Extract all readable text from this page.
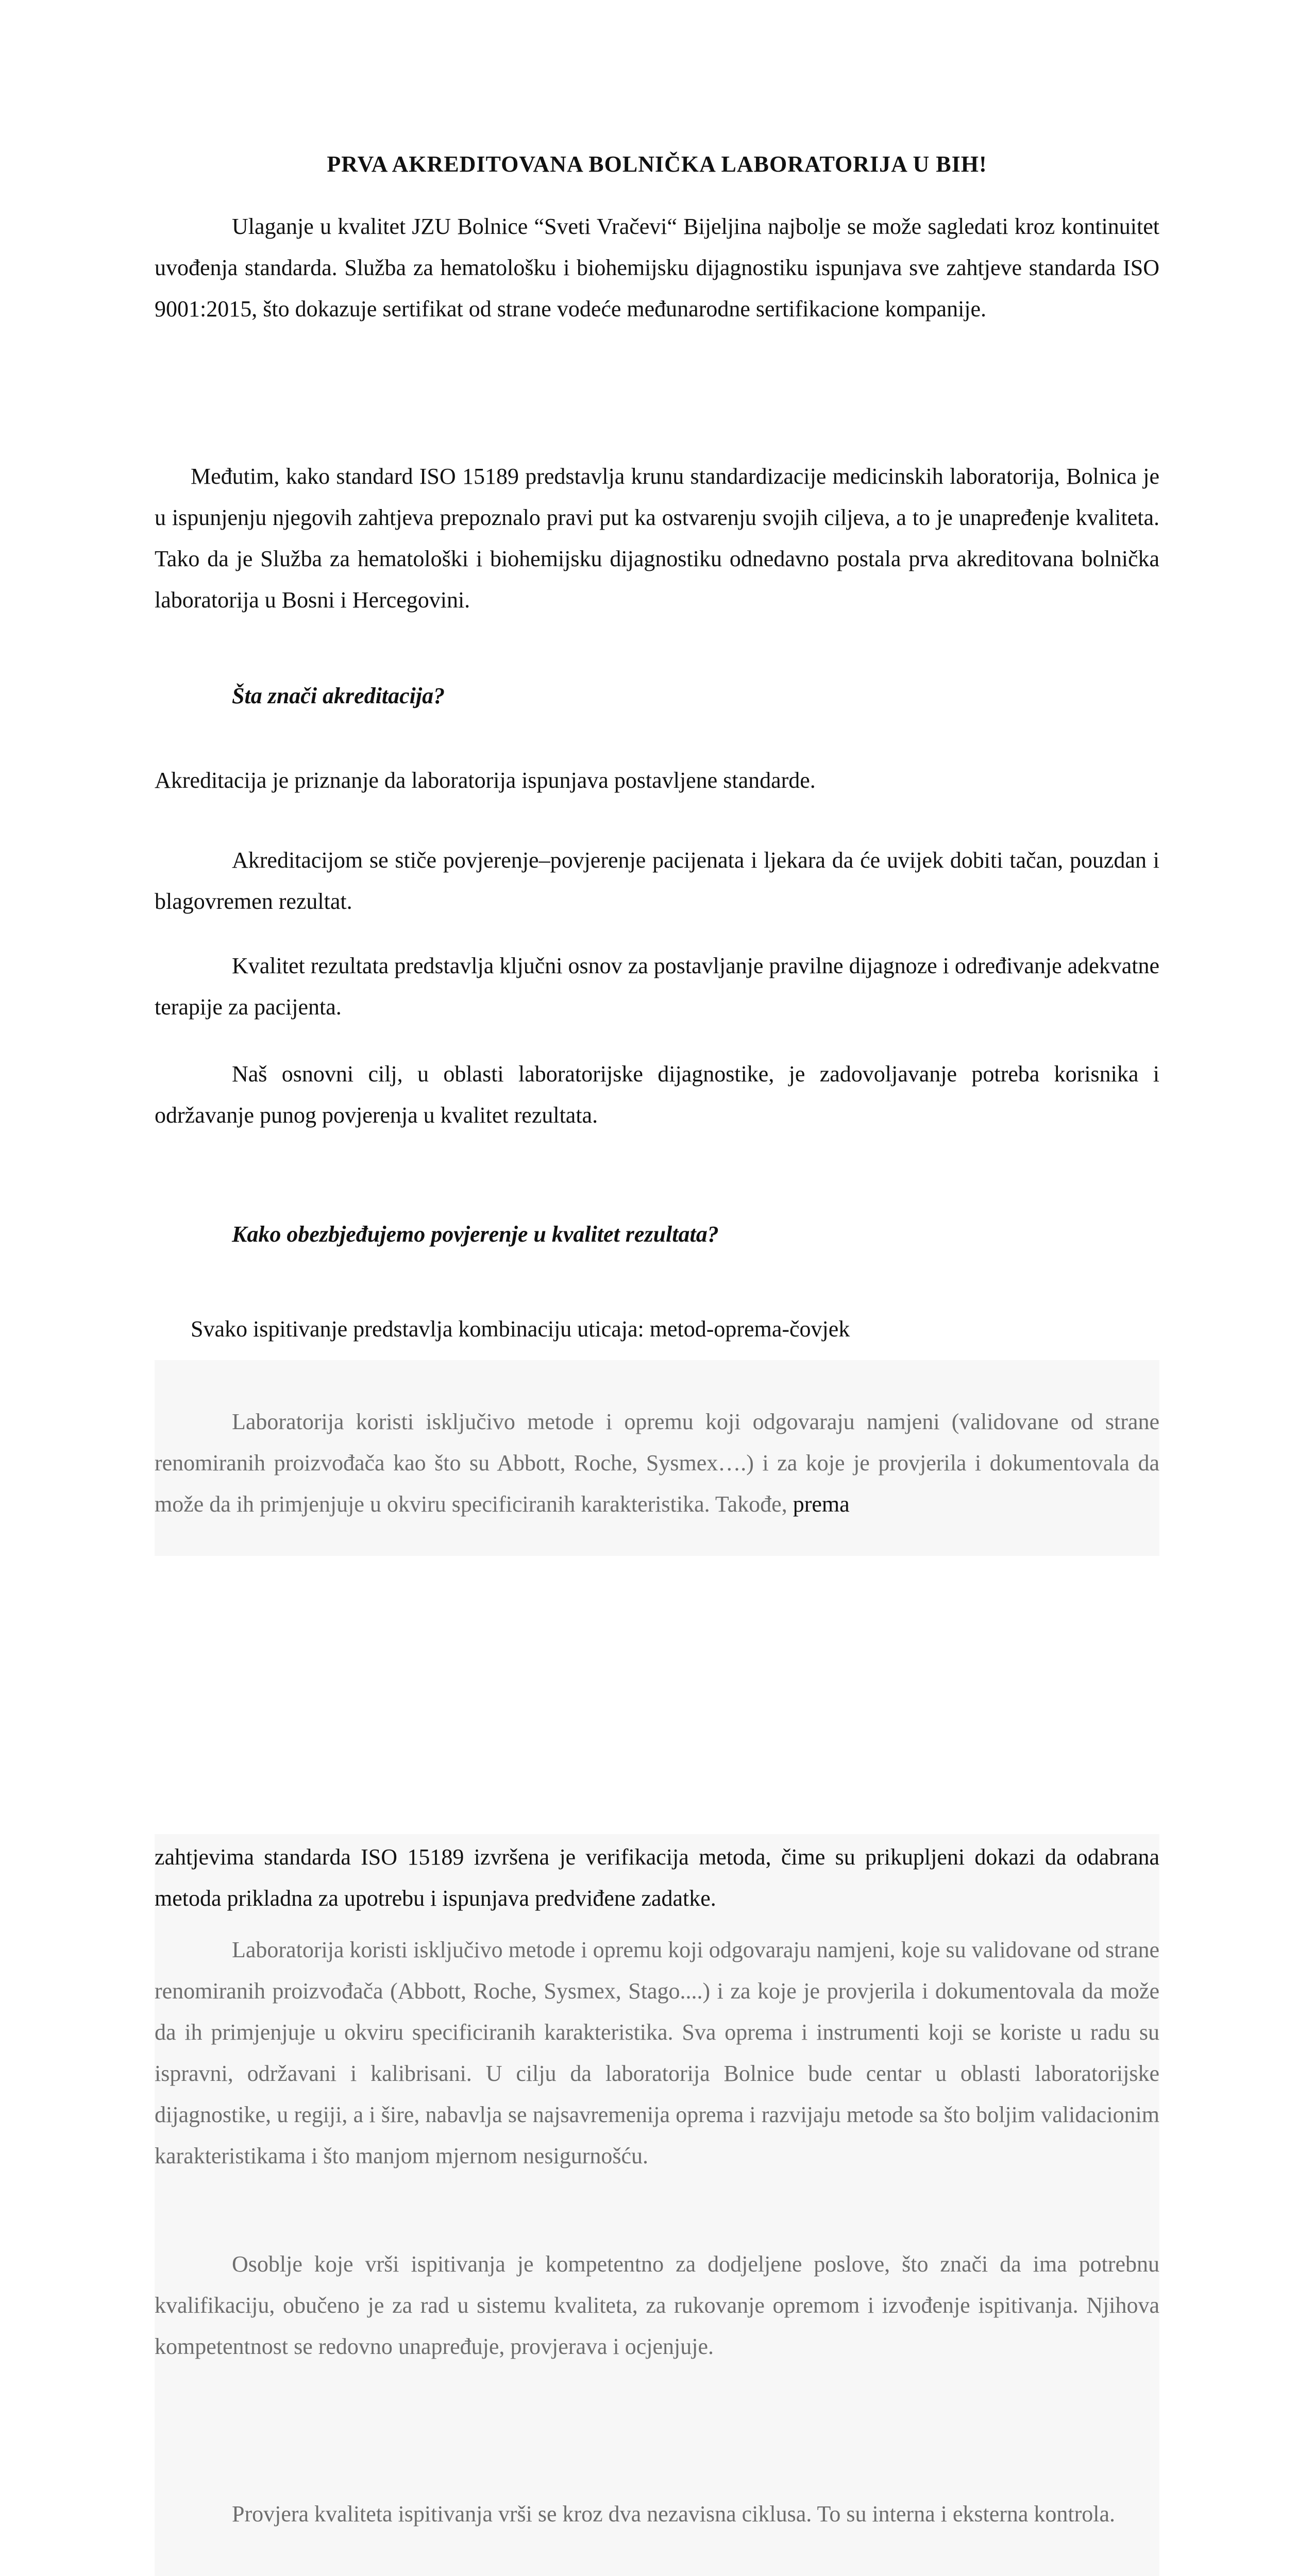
PRVA AKREDITOVANA BOLNIČKA LABORATORIJA U BIH!

Ulaganje u kvalitet JZU Bolnice “Sveti Vračevi“ Bijeljina najbolje se može sagledati kroz kontinuitet uvođenja standarda. Služba za hematološku i biohemijsku dijagnostiku ispunjava sve zahtjeve standarda ISO 9001:2015, što dokazuje sertifikat od strane vodeće međunarodne sertifikacione kompanije.

Međutim, kako standard ISO 15189 predstavlja krunu standardizacije medicinskih laboratorija, Bolnica je u ispunjenju njegovih zahtjeva prepoznalo pravi put ka ostvarenju svojih ciljeva, a to je unapređenje kvaliteta. Tako da je Služba za hematološki i biohemijsku dijagnostiku odnedavno postala prva akreditovana bolnička laboratorija u Bosni i Hercegovini.

Šta znači akreditacija?

Akreditacija je priznanje da laboratorija ispunjava postavljene standarde.

Akreditacijom se stiče povjerenje–povjerenje pacijenata i ljekara da će uvijek dobiti tačan, pouzdan i blagovremen rezultat.

Kvalitet rezultata predstavlja ključni osnov za postavljanje pravilne dijagnoze i određivanje adekvatne terapije za pacijenta.

Naš osnovni cilj, u oblasti laboratorijske dijagnostike, je zadovoljavanje potreba korisnika i održavanje punog povjerenja u kvalitet rezultata.

Kako obezbjeđujemo povjerenje u kvalitet rezultata?

Svako ispitivanje predstavlja kombinaciju uticaja: metod-oprema-čovjek

Laboratorija koristi isključivo metode i opremu koji odgovaraju namjeni (validovane od strane renomiranih proizvođača kao što su Abbott, Roche, Sysmex….) i za koje je provjerila i dokumentovala da može da ih primjenjuje u okviru specificiranih karakteristika. Takođe, prema

zahtjevima standarda ISO 15189 izvršena je verifikacija metoda, čime su prikupljeni dokazi da odabrana metoda prikladna za upotrebu i ispunjava predviđene zadatke.

Laboratorija koristi isključivo metode i opremu koji odgovaraju namjeni, koje su validovane od strane renomiranih proizvođača (Abbott, Roche, Sysmex, Stago....) i za koje je provjerila i dokumentovala da može da ih primjenjuje u okviru specificiranih karakteristika. Sva oprema i instrumenti koji se koriste u radu su ispravni, održavani i kalibrisani. U cilju da laboratorija Bolnice bude centar u oblasti laboratorijske dijagnostike, u regiji, a i šire, nabavlja se najsavremenija oprema i razvijaju metode sa što boljim validacionim karakteristikama i što manjom mjernom nesigurnošću.

Osoblje koje vrši ispitivanja je kompetentno za dodjeljene poslove, što znači da ima potrebnu kvalifikaciju, obučeno je za rad u sistemu kvaliteta, za rukovanje opremom i izvođenje ispitivanja. Njihova kompetentnost se redovno unapređuje, provjerava i ocjenjuje.

Provjera kvaliteta ispitivanja vrši se kroz dva nezavisna ciklusa. To su interna i eksterna kontrola.
